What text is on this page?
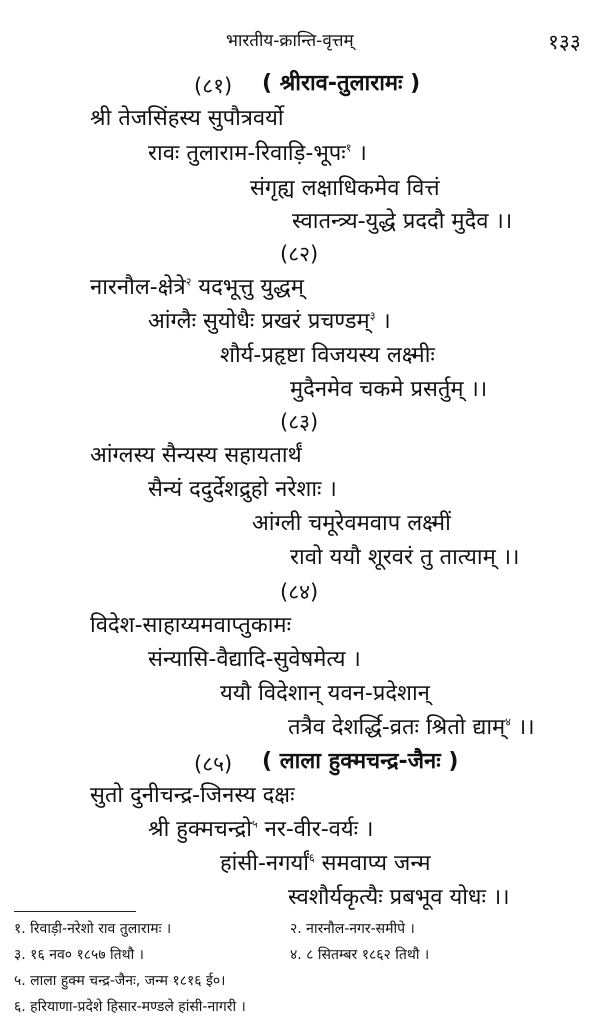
भारतीय-क्रान्ति-वृत्तम्	१३३
(८१) ( श्रीराव-तुलारामः )
श्री तेजसिंहस्य सुपौत्रवर्यो
रावः तुलाराम-रिवाड़ि-भूपः$^१$ ।
संगृह्य लक्षाधिकमेव वित्तं
स्वातन्त्र्य-युद्धे प्रददौ मुदैव ।।
(८२)
नारनौल-क्षेत्रे$^२$ यदभूत्तु युद्धम्
आंग्लैः सुयोधैः प्रखरं प्रचण्डम्$^३$ ।
शौर्य-प्रहृष्टा विजयस्य लक्ष्मीः
मुदैनमेव चकमे प्रसर्तुम् ।।
(८३)
आंग्लस्य सैन्यस्य सहायतार्थं
सैन्यं ददुर्देशद्रुहो नरेशाः ।
आंग्ली चमूरेवमवाप लक्ष्मीं
रावो ययौ शूरवरं तु तात्याम् ।।
(८४)
विदेश-साहाय्यमवाप्तुकामः
संन्यासि-वैद्यादि-सुवेषमेत्य ।
ययौ विदेशान् यवन-प्रदेशान्
तत्रैव देशर्द्धि-व्रतः श्रितो द्याम्$^४$ ।।
(८५) ( लाला हुक्मचन्द्र-जैनः )
सुतो दुनीचन्द्र-जिनस्य दक्षः
श्री हुक्मचन्द्रो$^५$ नर-वीर-वर्यः ।
हांसी-नगर्यां$^६$ समवाप्य जन्म
स्वशौर्यकृत्यैः प्रबभूव योधः ।।
१. रिवाड़ी-नरेशो राव तुलारामः ।	२. नारनौल-नगर-समीपे ।
३. १६ नव० १८५७ तिथौ ।	४. ८ सितम्बर १८६२ तिथौ ।
५. लाला हुक्म चन्द्र-जैनः, जन्म १८१६ ई०।
६. हरियाणा-प्रदेशे हिसार-मण्डले हांसी-नागरी ।
